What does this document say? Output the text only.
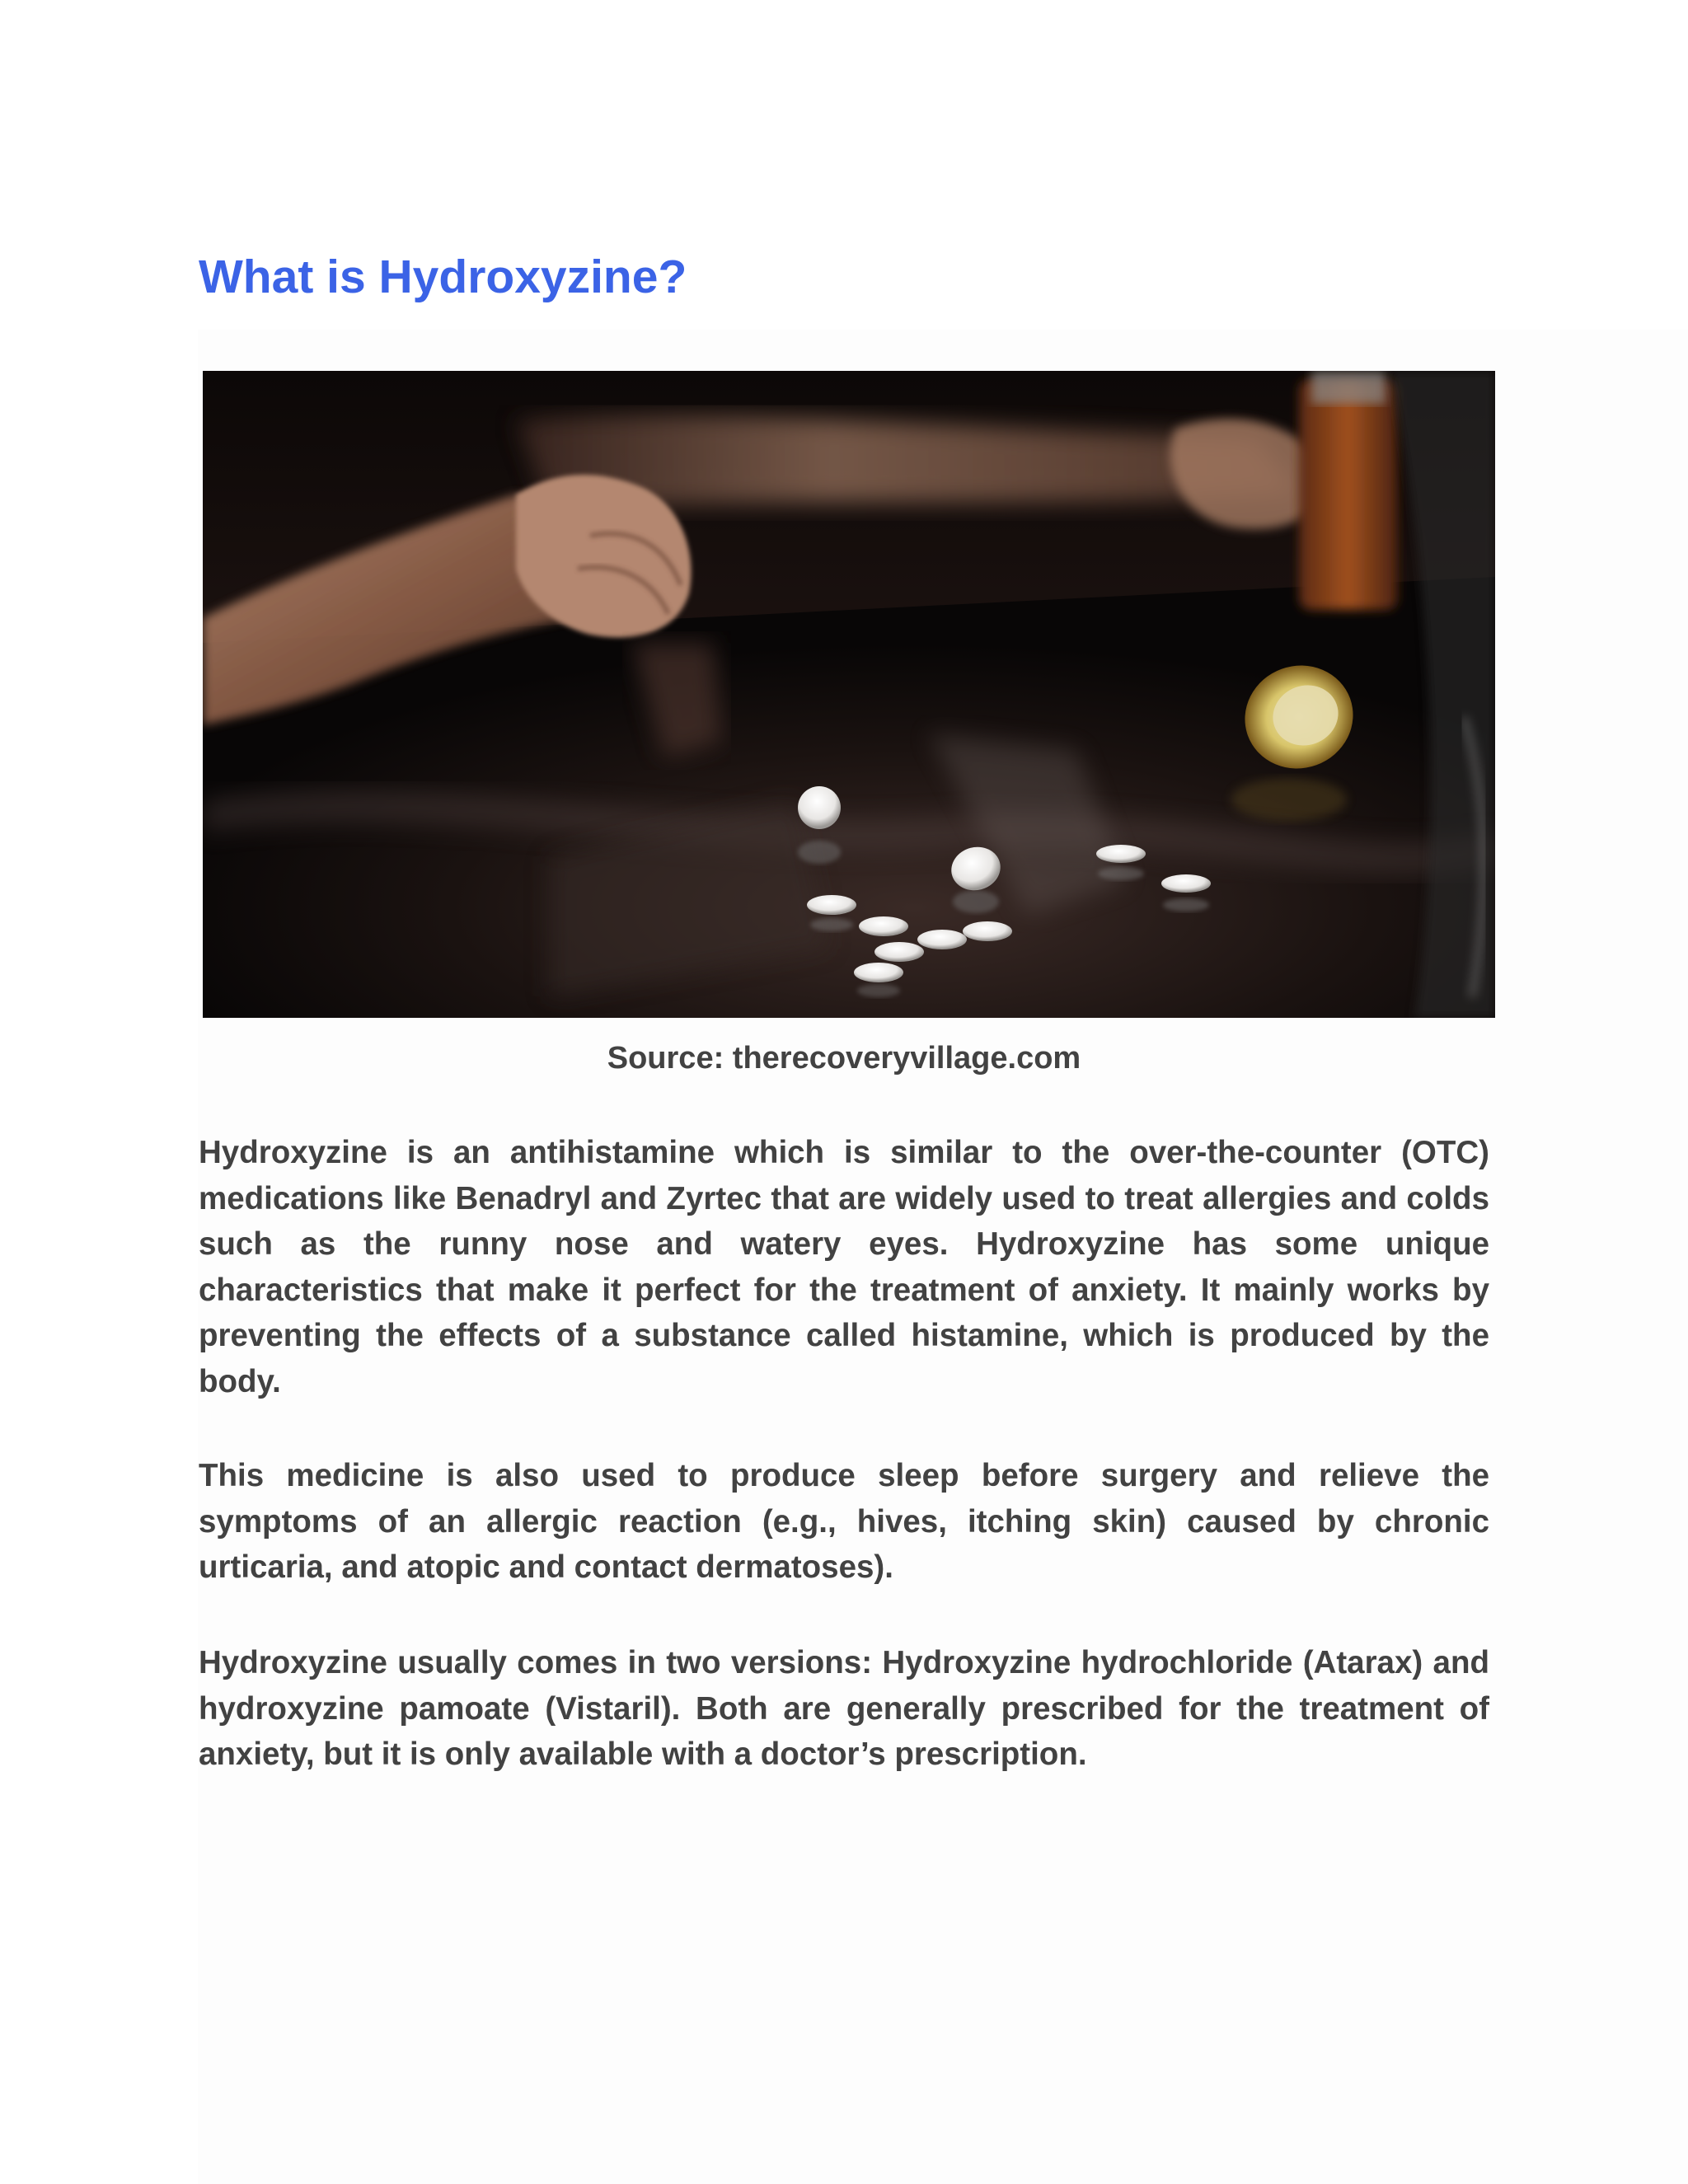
What is Hydroxyzine?

Source: therecoveryvillage.com

Hydroxyzine is an antihistamine which is similar to the over-the-counter (OTC) medications like Benadryl and Zyrtec that are widely used to treat allergies and colds such as the runny nose and watery eyes. Hydroxyzine has some unique characteristics that make it perfect for the treatment of anxiety. It mainly works by preventing the effects of a substance called histamine, which is produced by the body.

This medicine is also used to produce sleep before surgery and relieve the symptoms of an allergic reaction (e.g., hives, itching skin) caused by chronic urticaria, and atopic and contact dermatoses).

Hydroxyzine usually comes in two versions: Hydroxyzine hydrochloride (Atarax) and hydroxyzine pamoate (Vistaril). Both are generally prescribed for the treatment of anxiety, but it is only available with a doctor’s prescription.
